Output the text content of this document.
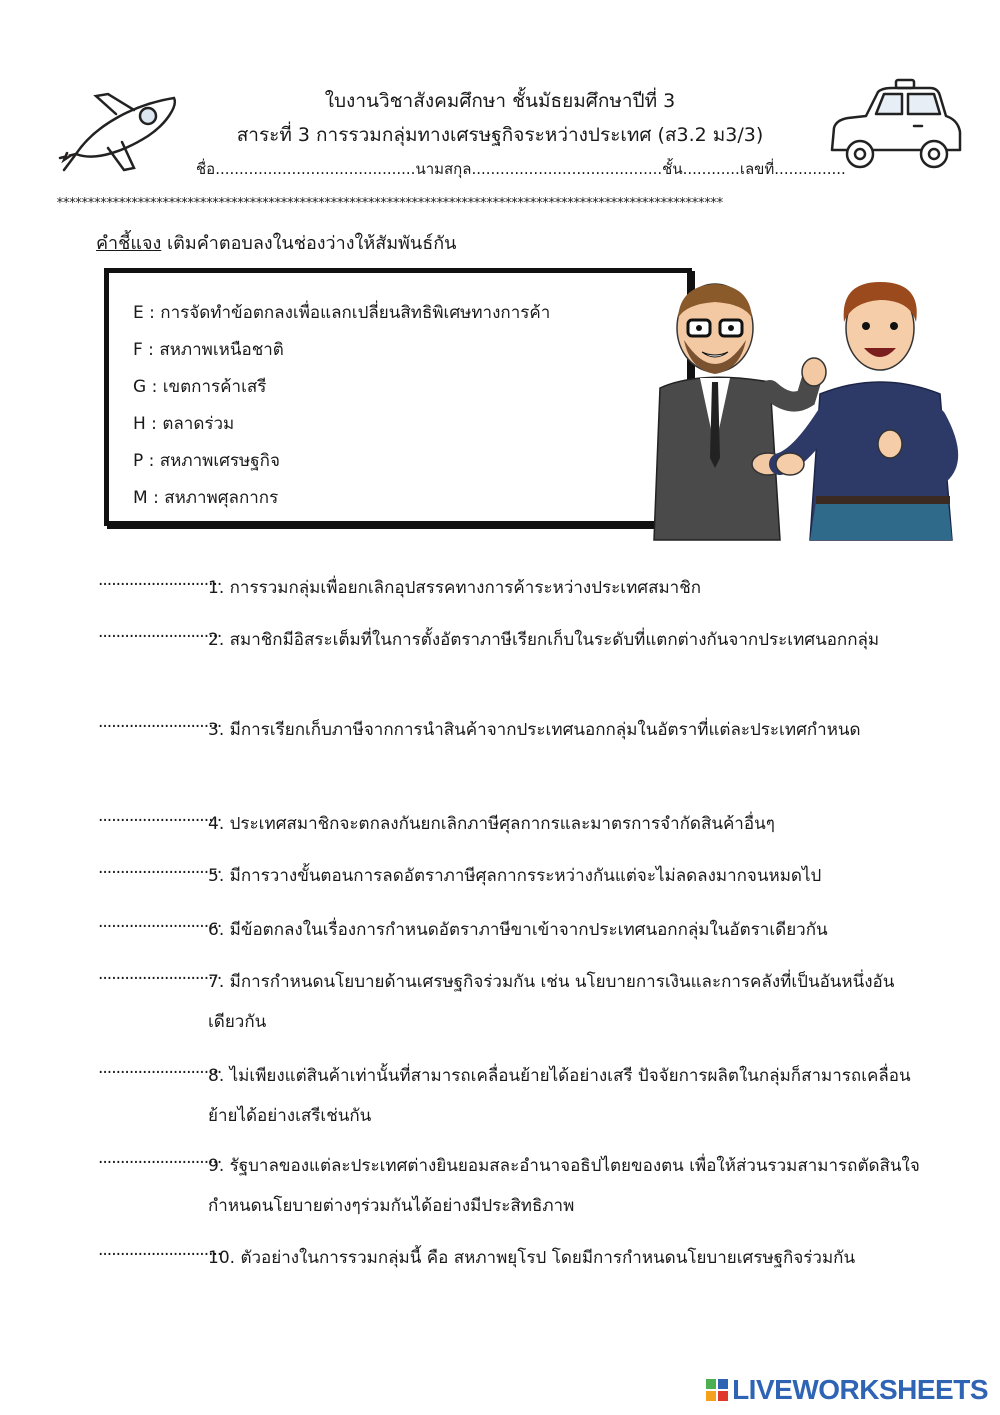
ใบงานวิชาสังคมศึกษา ชั้นมัธยมศึกษาปีที่ 3
สาระที่ 3 การรวมกลุ่มทางเศรษฐกิจระหว่างประเทศ (ส3.2 ม3/3)
ชื่อ..........................................นามสกุล........................................ชั้น............เลขที่...............
***********************************************************************************************************
คำชี้แจง เติมคำตอบลงในช่องว่างให้สัมพันธ์กัน
E : การจัดทำข้อตกลงเพื่อแลกเปลี่ยนสิทธิพิเศษทางการค้า
F : สหภาพเหนือชาติ
G : เขตการค้าเสรี
H : ตลาดร่วม
P : สหภาพเศรษฐกิจ
M : สหภาพศุลกากร
............................
1. การรวมกลุ่มเพื่อยกเลิกอุปสรรคทางการค้าระหว่างประเทศสมาชิก
............................
2. สมาชิกมีอิสระเต็มที่ในการตั้งอัตราภาษีเรียกเก็บในระดับที่แตกต่างกันจากประเทศนอกกลุ่ม
............................
3. มีการเรียกเก็บภาษีจากการนำสินค้าจากประเทศนอกกลุ่มในอัตราที่แต่ละประเทศกำหนด
............................
4. ประเทศสมาชิกจะตกลงกันยกเลิกภาษีศุลกากรและมาตรการจำกัดสินค้าอื่นๆ
............................
5. มีการวางขั้นตอนการลดอัตราภาษีศุลกากรระหว่างกันแต่จะไม่ลดลงมากจนหมดไป
............................
6. มีข้อตกลงในเรื่องการกำหนดอัตราภาษีขาเข้าจากประเทศนอกกลุ่มในอัตราเดียวกัน
............................
7. มีการกำหนดนโยบายด้านเศรษฐกิจร่วมกัน เช่น นโยบายการเงินและการคลังที่เป็นอันหนึ่งอันเดียวกัน
............................
8. ไม่เพียงแต่สินค้าเท่านั้นที่สามารถเคลื่อนย้ายได้อย่างเสรี ปัจจัยการผลิตในกลุ่มก็สามารถเคลื่อนย้ายได้อย่างเสรีเช่นกัน
............................
9. รัฐบาลของแต่ละประเทศต่างยินยอมสละอำนาจอธิปไตยของตน เพื่อให้ส่วนรวมสามารถตัดสินใจกำหนดนโยบายต่างๆร่วมกันได้อย่างมีประสิทธิภาพ
............................
10. ตัวอย่างในการรวมกลุ่มนี้ คือ สหภาพยุโรป โดยมีการกำหนดนโยบายเศรษฐกิจร่วมกัน
LIVEWORKSHEETS
